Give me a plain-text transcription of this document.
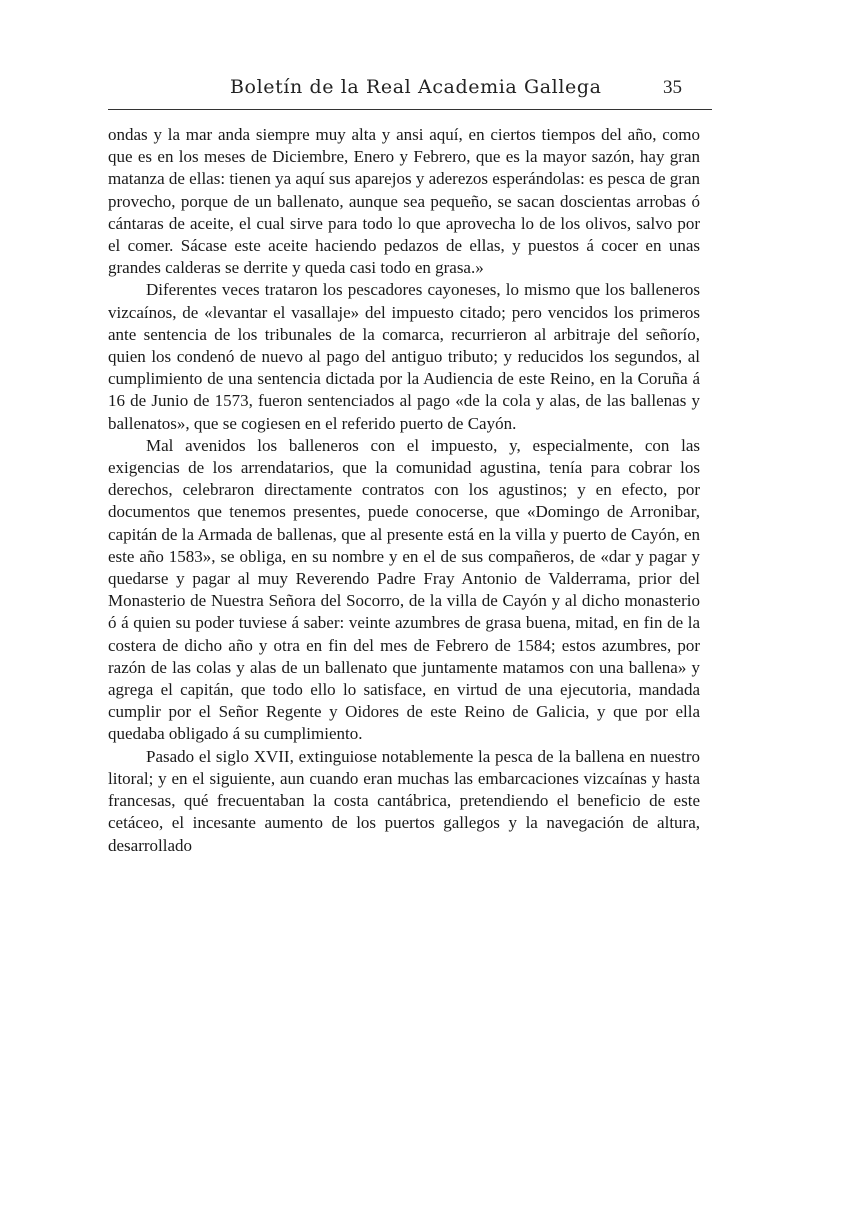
Boletín de la Real Academia Gallega	35

ondas y la mar anda siempre muy alta y ansi aquí, en ciertos tiempos del año, como que es en los meses de Diciembre, Enero y Febrero, que es la mayor sazón, hay gran matanza de ellas: tienen ya aquí sus aparejos y aderezos esperándolas: es pesca de gran provecho, porque de un ballenato, aunque sea pequeño, se sacan doscientas arrobas ó cántaras de aceite, el cual sirve para todo lo que aprovecha lo de los olivos, salvo por el comer. Sácase este aceite haciendo pedazos de ellas, y puestos á cocer en unas grandes calderas se derrite y queda casi todo en grasa.»

Diferentes veces trataron los pescadores cayoneses, lo mismo que los balleneros vizcaínos, de «levantar el vasallaje» del impuesto citado; pero vencidos los primeros ante sentencia de los tribunales de la comarca, recurrieron al arbitraje del señorío, quien los condenó de nuevo al pago del antiguo tributo; y reducidos los segundos, al cumplimiento de una sentencia dictada por la Audiencia de este Reino, en la Coruña á 16 de Junio de 1573, fueron sentenciados al pago «de la cola y alas, de las ballenas y ballenatos», que se cogiesen en el referido puerto de Cayón.

Mal avenidos los balleneros con el impuesto, y, especialmente, con las exigencias de los arrendatarios, que la comunidad agustina, tenía para cobrar los derechos, celebraron directamente contratos con los agustinos; y en efecto, por documentos que tenemos presentes, puede conocerse, que «Domingo de Arronibar, capitán de la Armada de ballenas, que al presente está en la villa y puerto de Cayón, en este año 1583», se obliga, en su nombre y en el de sus compañeros, de «dar y pagar y quedarse y pagar al muy Reverendo Padre Fray Antonio de Valderrama, prior del Monasterio de Nuestra Señora del Socorro, de la villa de Cayón y al dicho monasterio ó á quien su poder tuviese á saber: veinte azumbres de grasa buena, mitad, en fin de la costera de dicho año y otra en fin del mes de Febrero de 1584; estos azumbres, por razón de las colas y alas de un ballenato que juntamente matamos con una ballena» y agrega el capitán, que todo ello lo satisface, en virtud de una ejecutoria, mandada cumplir por el Señor Regente y Oidores de este Reino de Galicia, y que por ella quedaba obligado á su cumplimiento.

Pasado el siglo XVII, extinguiose notablemente la pesca de la ballena en nuestro litoral; y en el siguiente, aun cuando eran muchas las embarcaciones vizcaínas y hasta francesas, qué frecuentaban la costa cantábrica, pretendiendo el beneficio de este cetáceo, el incesante aumento de los puertos gallegos y la navegación de altura, desarrollado
